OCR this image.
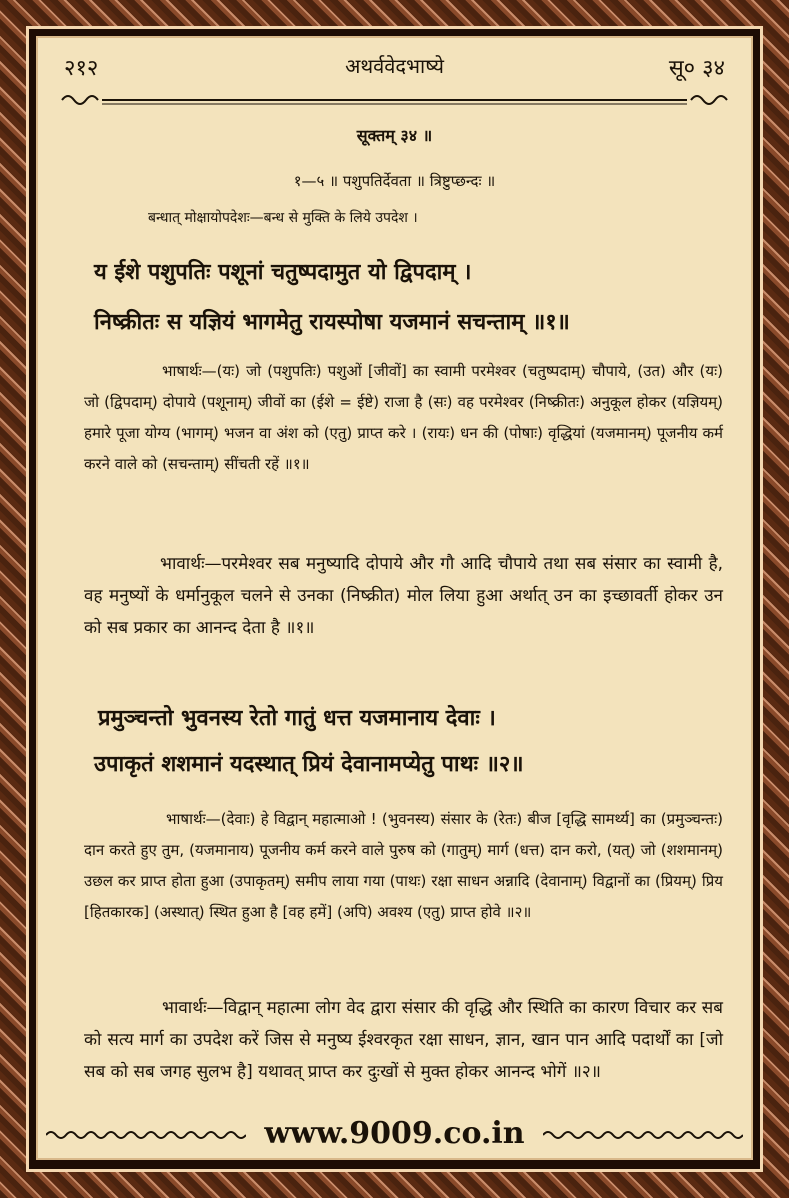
२१२	अथर्ववेदभाष्ये	सू० ३४
सूक्तम् ३४ ॥
१—५ ॥ पशुपतिर्देवता ॥ त्रिष्टुप्छन्दः ॥
बन्धात् मोक्षायोपदेशः—बन्ध से मुक्ति के लिये उपदेश ।
य ईशे पशुपतिः पशूनां चतुष्पदामुत यो द्विपदाम् ।
निष्क्रीतः स यज्ञियं भागमेतु रायस्पोषा यजमानं सचन्ताम् ॥१॥
भाषार्थः—(यः) जो (पशुपतिः) पशुओं [जीवों] का स्वामी परमेश्वर (चतुष्पदाम्) चौपाये, (उत) और (यः) जो (द्विपदाम्) दोपाये (पशूनाम्) जीवों का (ईशे = ईष्टे) राजा है (सः) वह परमेश्वर (निष्क्रीतः) अनुकूल होकर (यज्ञियम्) हमारे पूजा योग्य (भागम्) भजन वा अंश को (एतु) प्राप्त करे । (रायः) धन की (पोषाः) वृद्धियां (यजमानम्) पूजनीय कर्म करने वाले को (सचन्ताम्) सींचती रहें ॥१॥
भावार्थः—परमेश्वर सब मनुष्यादि दोपाये और गौ आदि चौपाये तथा सब संसार का स्वामी है, वह मनुष्यों के धर्मानुकूल चलने से उनका (निष्क्रीत) मोल लिया हुआ अर्थात् उन का इच्छावर्ती होकर उन को सब प्रकार का आनन्द देता है ॥१॥
प्रमुञ्चन्तो भुवनस्य रेतो गातुं धत्त यजमानाय देवाः ।
उपाकृतं शशमानं यदस्थात् प्रियं देवानामप्येतु पाथः ॥२॥
भाषार्थः—(देवाः) हे विद्वान् महात्माओ ! (भुवनस्य) संसार के (रेतः) बीज [वृद्धि सामर्थ्य] का (प्रमुञ्चन्तः) दान करते हुए तुम, (यजमानाय) पूजनीय कर्म करने वाले पुरुष को (गातुम्) मार्ग (धत्त) दान करो, (यत्) जो (शशमानम्) उछल कर प्राप्त होता हुआ (उपाकृतम्) समीप लाया गया (पाथः) रक्षा साधन अन्नादि (देवानाम्) विद्वानों का (प्रियम्) प्रिय [हितकारक] (अस्थात्) स्थित हुआ है [वह हमें] (अपि) अवश्य (एतु) प्राप्त होवे ॥२॥
भावार्थः—विद्वान् महात्मा लोग वेद द्वारा संसार की वृद्धि और स्थिति का कारण विचार कर सब को सत्य मार्ग का उपदेश करें जिस से मनुष्य ईश्वरकृत रक्षा साधन, ज्ञान, खान पान आदि पदार्थों का [जो सब को सब जगह सुलभ है] यथावत् प्राप्त कर दुःखों से मुक्त होकर आनन्द भोगें ॥२॥
www.9009.co.in
